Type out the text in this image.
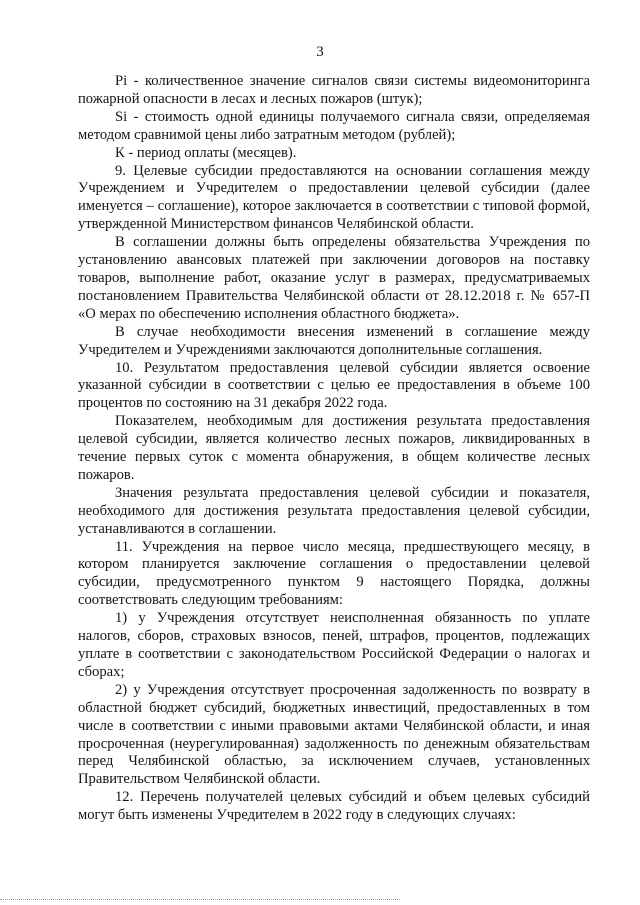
3

Pi - количественное значение сигналов связи системы видеомониторинга пожарной опасности в лесах и лесных пожаров (штук);

Si - стоимость одной единицы получаемого сигнала связи, определяемая методом сравнимой цены либо затратным методом (рублей);

К - период оплаты (месяцев).

9. Целевые субсидии предоставляются на основании соглашения между Учреждением и Учредителем о предоставлении целевой субсидии (далее именуется – соглашение), которое заключается в соответствии с типовой формой, утвержденной Министерством финансов Челябинской области.

В соглашении должны быть определены обязательства Учреждения по установлению авансовых платежей при заключении договоров на поставку товаров, выполнение работ, оказание услуг в размерах, предусматриваемых постановлением Правительства Челябинской области от 28.12.2018 г. № 657-П «О мерах по обеспечению исполнения областного бюджета».

В случае необходимости внесения изменений в соглашение между Учредителем и Учреждениями заключаются дополнительные соглашения.

10. Результатом предоставления целевой субсидии является освоение указанной субсидии в соответствии с целью ее предоставления в объеме 100 процентов по состоянию на 31 декабря 2022 года.

Показателем, необходимым для достижения результата предоставления целевой субсидии, является количество лесных пожаров, ликвидированных в течение первых суток с момента обнаружения, в общем количестве лесных пожаров.

Значения результата предоставления целевой субсидии и показателя, необходимого для достижения результата предоставления целевой субсидии, устанавливаются в соглашении.

11. Учреждения на первое число месяца, предшествующего месяцу, в котором планируется заключение соглашения о предоставлении целевой субсидии, предусмотренного пунктом 9 настоящего Порядка, должны соответствовать следующим требованиям:

1) у Учреждения отсутствует неисполненная обязанность по уплате налогов, сборов, страховых взносов, пеней, штрафов, процентов, подлежащих уплате в соответствии с законодательством Российской Федерации о налогах и сборах;

2) у Учреждения отсутствует просроченная задолженность по возврату в областной бюджет субсидий, бюджетных инвестиций, предоставленных в том числе в соответствии с иными правовыми актами Челябинской области, и иная просроченная (неурегулированная) задолженность по денежным обязательствам перед Челябинской областью, за исключением случаев, установленных Правительством Челябинской области.

12. Перечень получателей целевых субсидий и объем целевых субсидий могут быть изменены Учредителем в 2022 году в следующих случаях:
